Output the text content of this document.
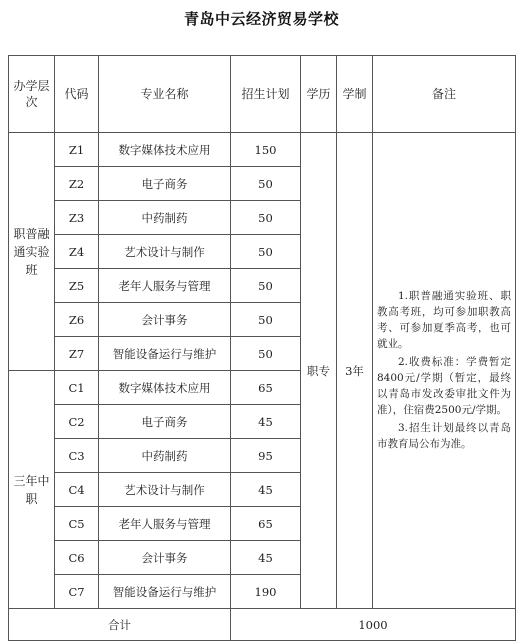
青岛中云经济贸易学校
办学层次	代码	专业名称	招生计划	学历	学制	备注
职普融通实验班	Z1	数字媒体技术应用	150	职专	3年	1.职普融通实验班、职教高考班，均可参加职教高考、可参加夏季高考，也可就业。

2.收费标准：学费暂定8400元/学期（暂定，最终以青岛市发改委审批文件为准），住宿费2500元/学期。

3.招生计划最终以青岛市教育局公布为准。

	Z2	电子商务	50			
	Z3	中药制药	50			
	Z4	艺术设计与制作	50			
	Z5	老年人服务与管理	50			
	Z6	会计事务	50			
	Z7	智能设备运行与维护	50			
三年中职	C1	数字媒体技术应用	65			
	C2	电子商务	45			
	C3	中药制药	95			
	C4	艺术设计与制作	45			
	C5	老年人服务与管理	65			
	C6	会计事务	45			
	C7	智能设备运行与维护	190			
合计			1000			
